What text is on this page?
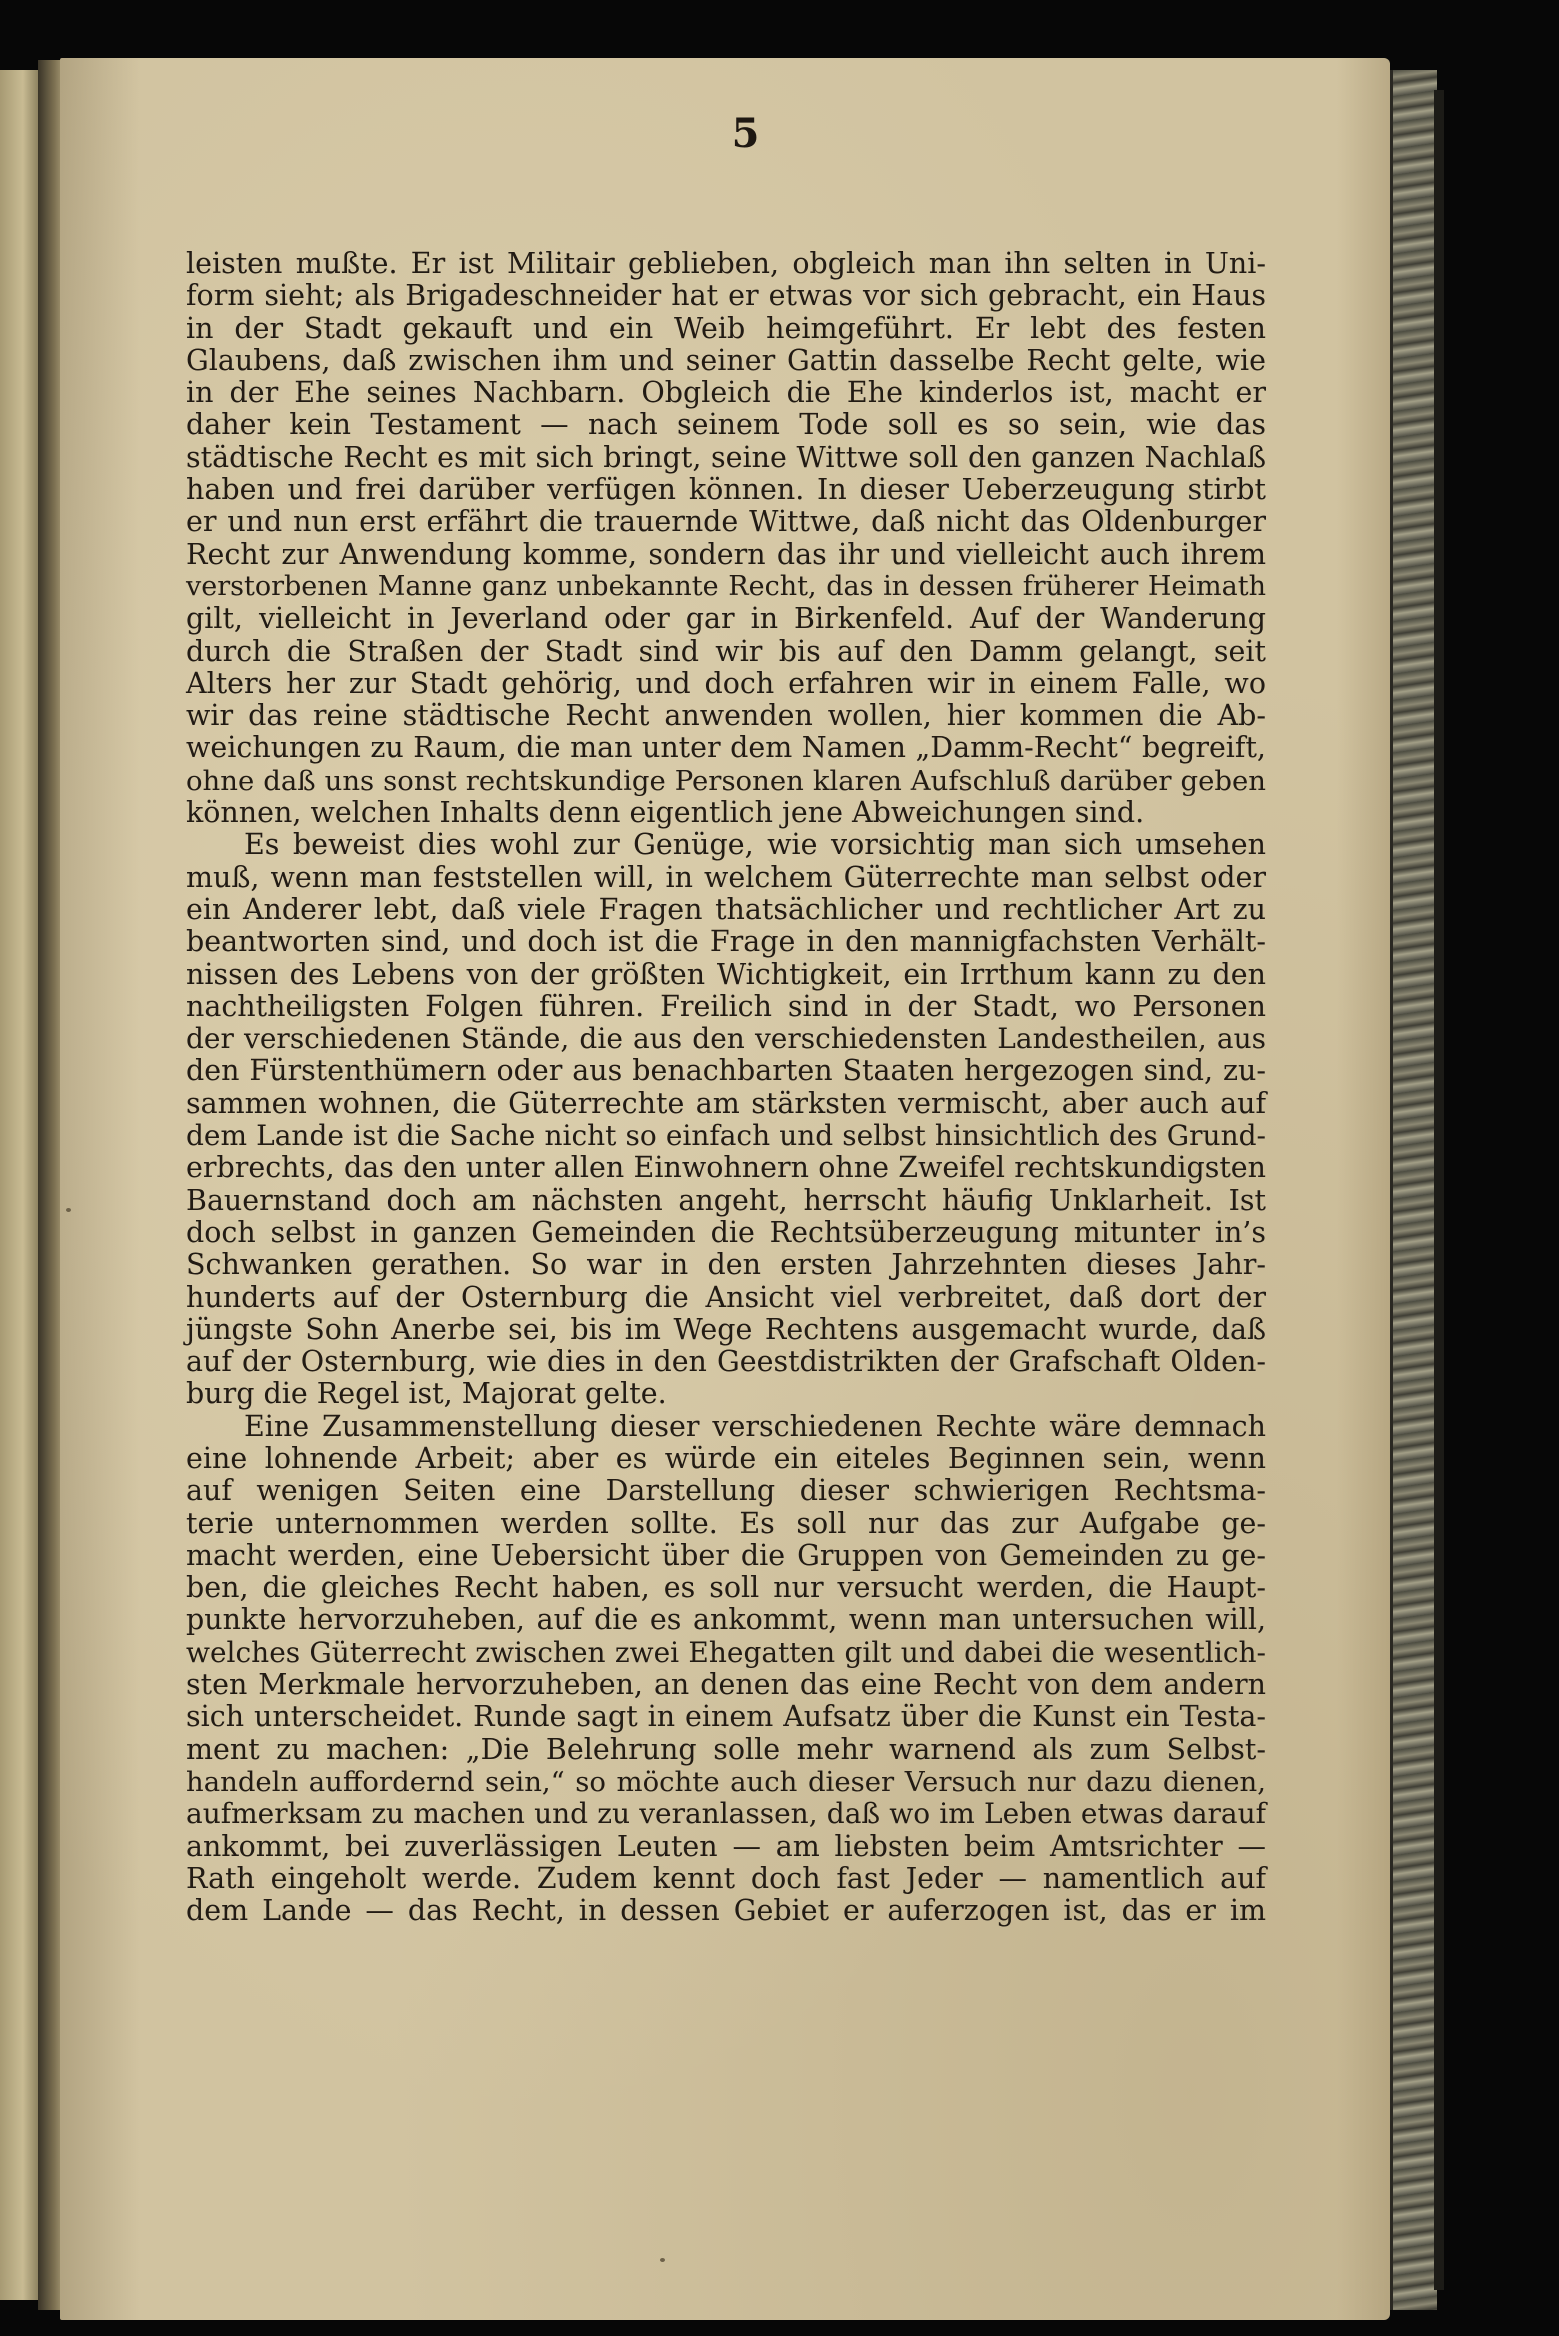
5
leisten mußte. Er ist Militair geblieben, obgleich man ihn selten in Uni-
form sieht; als Brigadeschneider hat er etwas vor sich gebracht, ein Haus
in der Stadt gekauft und ein Weib heimgeführt. Er lebt des festen
Glaubens, daß zwischen ihm und seiner Gattin dasselbe Recht gelte, wie
in der Ehe seines Nachbarn. Obgleich die Ehe kinderlos ist, macht er
daher kein Testament — nach seinem Tode soll es so sein, wie das
städtische Recht es mit sich bringt, seine Wittwe soll den ganzen Nachlaß
haben und frei darüber verfügen können. In dieser Ueberzeugung stirbt
er und nun erst erfährt die trauernde Wittwe, daß nicht das Oldenburger
Recht zur Anwendung komme, sondern das ihr und vielleicht auch ihrem
verstorbenen Manne ganz unbekannte Recht, das in dessen früherer Heimath
gilt, vielleicht in Jeverland oder gar in Birkenfeld. Auf der Wanderung
durch die Straßen der Stadt sind wir bis auf den Damm gelangt, seit
Alters her zur Stadt gehörig, und doch erfahren wir in einem Falle, wo
wir das reine städtische Recht anwenden wollen, hier kommen die Ab-
weichungen zu Raum, die man unter dem Namen „Damm-Recht“ begreift,
ohne daß uns sonst rechtskundige Personen klaren Aufschluß darüber geben
können, welchen Inhalts denn eigentlich jene Abweichungen sind.
Es beweist dies wohl zur Genüge, wie vorsichtig man sich umsehen
muß, wenn man feststellen will, in welchem Güterrechte man selbst oder
ein Anderer lebt, daß viele Fragen thatsächlicher und rechtlicher Art zu
beantworten sind, und doch ist die Frage in den mannigfachsten Verhält-
nissen des Lebens von der größten Wichtigkeit, ein Irrthum kann zu den
nachtheiligsten Folgen führen. Freilich sind in der Stadt, wo Personen
der verschiedenen Stände, die aus den verschiedensten Landestheilen, aus
den Fürstenthümern oder aus benachbarten Staaten hergezogen sind, zu-
sammen wohnen, die Güterrechte am stärksten vermischt, aber auch auf
dem Lande ist die Sache nicht so einfach und selbst hinsichtlich des Grund-
erbrechts, das den unter allen Einwohnern ohne Zweifel rechtskundigsten
Bauernstand doch am nächsten angeht, herrscht häufig Unklarheit. Ist
doch selbst in ganzen Gemeinden die Rechtsüberzeugung mitunter in’s
Schwanken gerathen. So war in den ersten Jahrzehnten dieses Jahr-
hunderts auf der Osternburg die Ansicht viel verbreitet, daß dort der
jüngste Sohn Anerbe sei, bis im Wege Rechtens ausgemacht wurde, daß
auf der Osternburg, wie dies in den Geestdistrikten der Grafschaft Olden-
burg die Regel ist, Majorat gelte.
Eine Zusammenstellung dieser verschiedenen Rechte wäre demnach
eine lohnende Arbeit; aber es würde ein eiteles Beginnen sein, wenn
auf wenigen Seiten eine Darstellung dieser schwierigen Rechtsma-
terie unternommen werden sollte. Es soll nur das zur Aufgabe ge-
macht werden, eine Uebersicht über die Gruppen von Gemeinden zu ge-
ben, die gleiches Recht haben, es soll nur versucht werden, die Haupt-
punkte hervorzuheben, auf die es ankommt, wenn man untersuchen will,
welches Güterrecht zwischen zwei Ehegatten gilt und dabei die wesentlich-
sten Merkmale hervorzuheben, an denen das eine Recht von dem andern
sich unterscheidet. Runde sagt in einem Aufsatz über die Kunst ein Testa-
ment zu machen: „Die Belehrung solle mehr warnend als zum Selbst-
handeln auffordernd sein,“ so möchte auch dieser Versuch nur dazu dienen,
aufmerksam zu machen und zu veranlassen, daß wo im Leben etwas darauf
ankommt, bei zuverlässigen Leuten — am liebsten beim Amtsrichter —
Rath eingeholt werde. Zudem kennt doch fast Jeder — namentlich auf
dem Lande — das Recht, in dessen Gebiet er auferzogen ist, das er im
